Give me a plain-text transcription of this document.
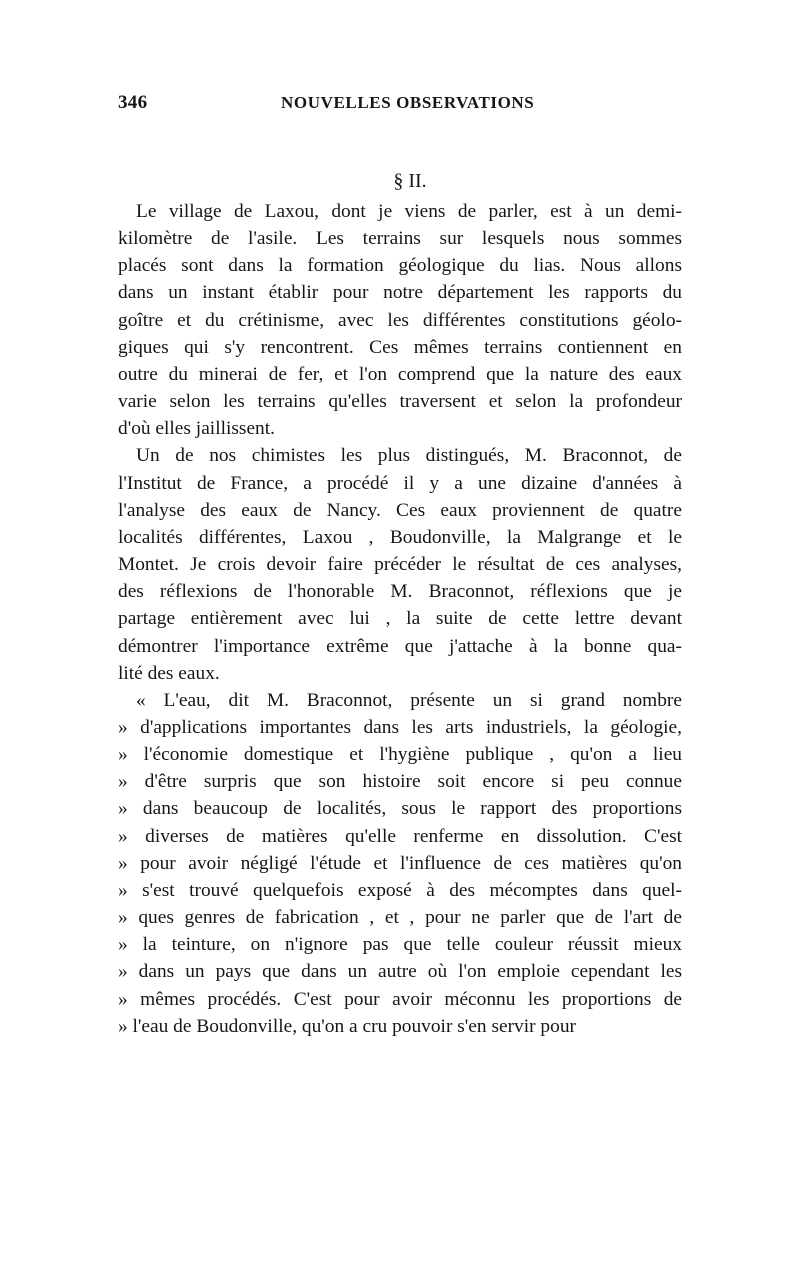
346	NOUVELLES OBSERVATIONS
§ II.

Le village de Laxou, dont je viens de parler, est à un demi-
kilomètre de l'asile. Les terrains sur lesquels nous sommes
placés sont dans la formation géologique du lias. Nous allons
dans un instant établir pour notre département les rapports du
goître et du crétinisme, avec les différentes constitutions géolo-
giques qui s'y rencontrent. Ces mêmes terrains contiennent en
outre du minerai de fer, et l'on comprend que la nature des eaux
varie selon les terrains qu'elles traversent et selon la profondeur
d'où elles jaillissent.

Un de nos chimistes les plus distingués, M. Braconnot, de
l'Institut de France, a procédé il y a une dizaine d'années à
l'analyse des eaux de Nancy. Ces eaux proviennent de quatre
localités différentes, Laxou , Boudonville, la Malgrange et le
Montet. Je crois devoir faire précéder le résultat de ces analyses,
des réflexions de l'honorable M. Braconnot, réflexions que je
partage entièrement avec lui , la suite de cette lettre devant
démontrer l'importance extrême que j'attache à la bonne qua-
lité des eaux.

« L'eau, dit M. Braconnot, présente un si grand nombre
» d'applications importantes dans les arts industriels, la géologie,
» l'économie domestique et l'hygiène publique , qu'on a lieu
» d'être surpris que son histoire soit encore si peu connue
» dans beaucoup de localités, sous le rapport des proportions
» diverses de matières qu'elle renferme en dissolution. C'est
» pour avoir négligé l'étude et l'influence de ces matières qu'on
» s'est trouvé quelquefois exposé à des mécomptes dans quel-
» ques genres de fabrication , et , pour ne parler que de l'art de
» la teinture, on n'ignore pas que telle couleur réussit mieux
» dans un pays que dans un autre où l'on emploie cependant les
» mêmes procédés. C'est pour avoir méconnu les proportions de
» l'eau de Boudonville, qu'on a cru pouvoir s'en servir pour
